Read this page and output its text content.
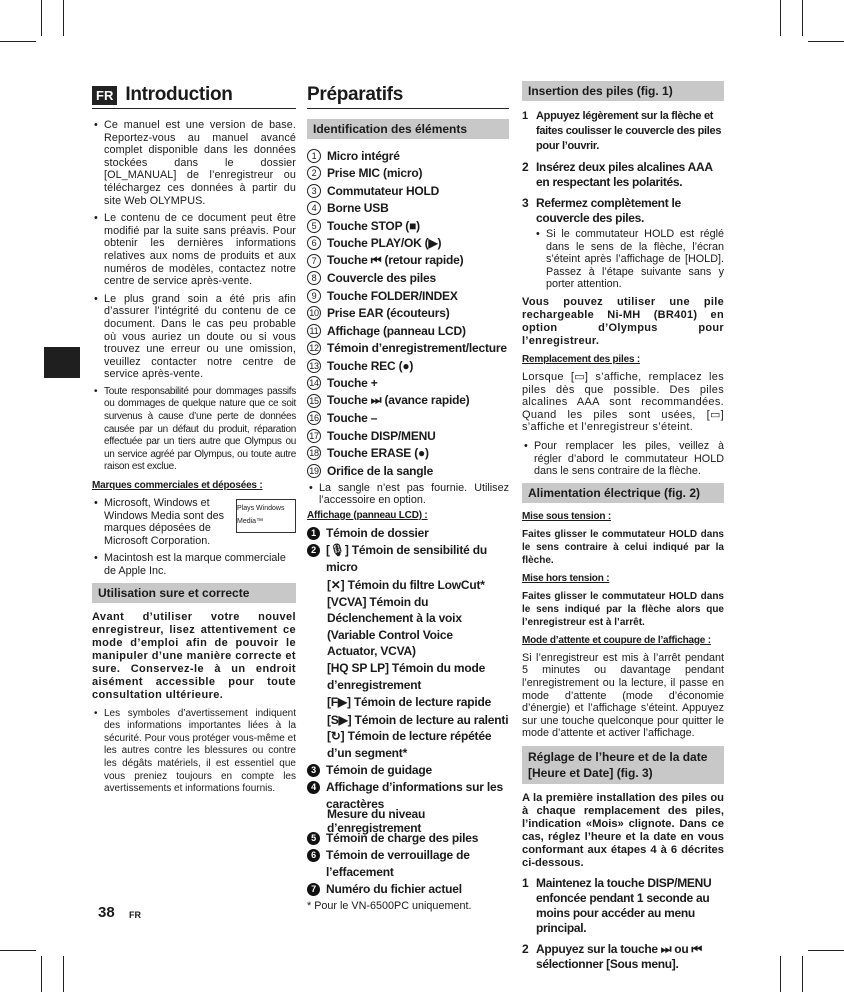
FR Introduction
• Ce manuel est une version de base. Reportez-vous au manuel avancé complet disponible dans les données stockées dans le dossier [OL_MANUAL] de l’enregistreur ou téléchargez ces données à partir du site Web OLYMPUS.
• Le contenu de ce document peut être modifié par la suite sans préavis. Pour obtenir les dernières informations relatives aux noms de produits et aux numéros de modèles, contactez notre centre de service après-vente.
• Le plus grand soin a été pris afin d’assurer l’intégrité du contenu de ce document. Dans le cas peu probable où vous auriez un doute ou si vous trouvez une erreur ou une omission, veuillez contacter notre centre de service après-vente.
• Toute responsabilité pour dommages passifs ou dommages de quelque nature que ce soit survenus à cause d’une perte de données causée par un défaut du produit, réparation effectuée par un tiers autre que Olympus ou un service agréé par Olympus, ou toute autre raison est exclue.
Marques commerciales et déposées :
• Plays Windows Media™
Microsoft, Windows et Windows Media sont des marques déposées de Microsoft Corporation.
• Macintosh est la marque commerciale de Apple Inc.
Utilisation sure et correcte
Avant d’utiliser votre nouvel enregistreur, lisez attentivement ce mode d’emploi afin de pouvoir le manipuler d’une manière correcte et sure. Conservez-le à un endroit aisément accessible pour toute consultation ultérieure.
• Les symboles d’avertissement indiquent des informations importantes liées à la sécurité. Pour vous protéger vous-même et les autres contre les blessures ou contre les dégâts matériels, il est essentiel que vous preniez toujours en compte les avertissements et informations fournis.
Préparatifs
Identification des éléments
1 Micro intégré
2 Prise MIC (micro)
3 Commutateur HOLD
4 Borne USB
5 Touche STOP (■)
6 Touche PLAY/OK (▶)
7 Touche ⏮ (retour rapide)
8 Couvercle des piles
9 Touche FOLDER/INDEX
10 Prise EAR (écouteurs)
11 Affichage (panneau LCD)
12 Témoin d’enregistrement/lecture
13 Touche REC (●)
14 Touche +
15 Touche ⏭ (avance rapide)
16 Touche –
17 Touche DISP/MENU
18 Touche ERASE (●)
19 Orifice de la sangle
• La sangle n’est pas fournie. Utilisez l’accessoire en option.
Affichage (panneau LCD) :
1 Témoin de dossier
2 [🎙] Témoin de sensibilité du micro
[✕] Témoin du filtre LowCut*
[VCVA] Témoin du Déclenchement à la voix (Variable Control Voice Actuator, VCVA)
[HQ SP LP] Témoin du mode d’enregistrement
[F▶] Témoin de lecture rapide
[S▶] Témoin de lecture au ralenti
[↻] Témoin de lecture répétée d’un segment*
3 Témoin de guidage
4 Affichage d’informations sur les caractères
Mesure du niveau d’enregistrement
5 Témoin de charge des piles
6 Témoin de verrouillage de l’effacement
7 Numéro du fichier actuel
* Pour le VN-6500PC uniquement.
Insertion des piles (fig. 1)
1 Appuyez légèrement sur la flèche et faites coulisser le couvercle des piles pour l’ouvrir.
2 Insérez deux piles alcalines AAA en respectant les polarités.
3 Refermez complètement le couvercle des piles.
• Si le commutateur HOLD est réglé dans le sens de la flèche, l’écran s’éteint après l’affichage de [HOLD]. Passez à l’étape suivante sans y porter attention.
Vous pouvez utiliser une pile rechargeable Ni-MH (BR401) en option d’Olympus pour l’enregistreur.
Remplacement des piles :
Lorsque [▭] s’affiche, remplacez les piles dès que possible. Des piles alcalines AAA sont recommandées. Quand les piles sont usées, [▭] s’affiche et l’enregistreur s’éteint.
• Pour remplacer les piles, veillez à régler d’abord le commutateur HOLD dans le sens contraire de la flèche.
Alimentation électrique (fig. 2)
Mise sous tension :
Faites glisser le commutateur HOLD dans le sens contraire à celui indiqué par la flèche.
Mise hors tension :
Faites glisser le commutateur HOLD dans le sens indiqué par la flèche alors que l’enregistreur est à l’arrêt.
Mode d’attente et coupure de l’affichage :
Si l’enregistreur est mis à l’arrêt pendant 5 minutes ou davantage pendant l’enregistrement ou la lecture, il passe en mode d’attente (mode d’économie d’énergie) et l’affichage s’éteint. Appuyez sur une touche quelconque pour quitter le mode d’attente et activer l’affichage.
Réglage de l’heure et de la date [Heure et Date] (fig. 3)
A la première installation des piles ou à chaque remplacement des piles, l’indication «Mois» clignote. Dans ce cas, réglez l’heure et la date en vous conformant aux étapes 4 à 6 décrites ci-dessous.
1 Maintenez la touche DISP/MENU enfoncée pendant 1 seconde au moins pour accéder au menu principal.
2 Appuyez sur la touche ⏭ ou ⏮ sélectionner [Sous menu].
38 FR
